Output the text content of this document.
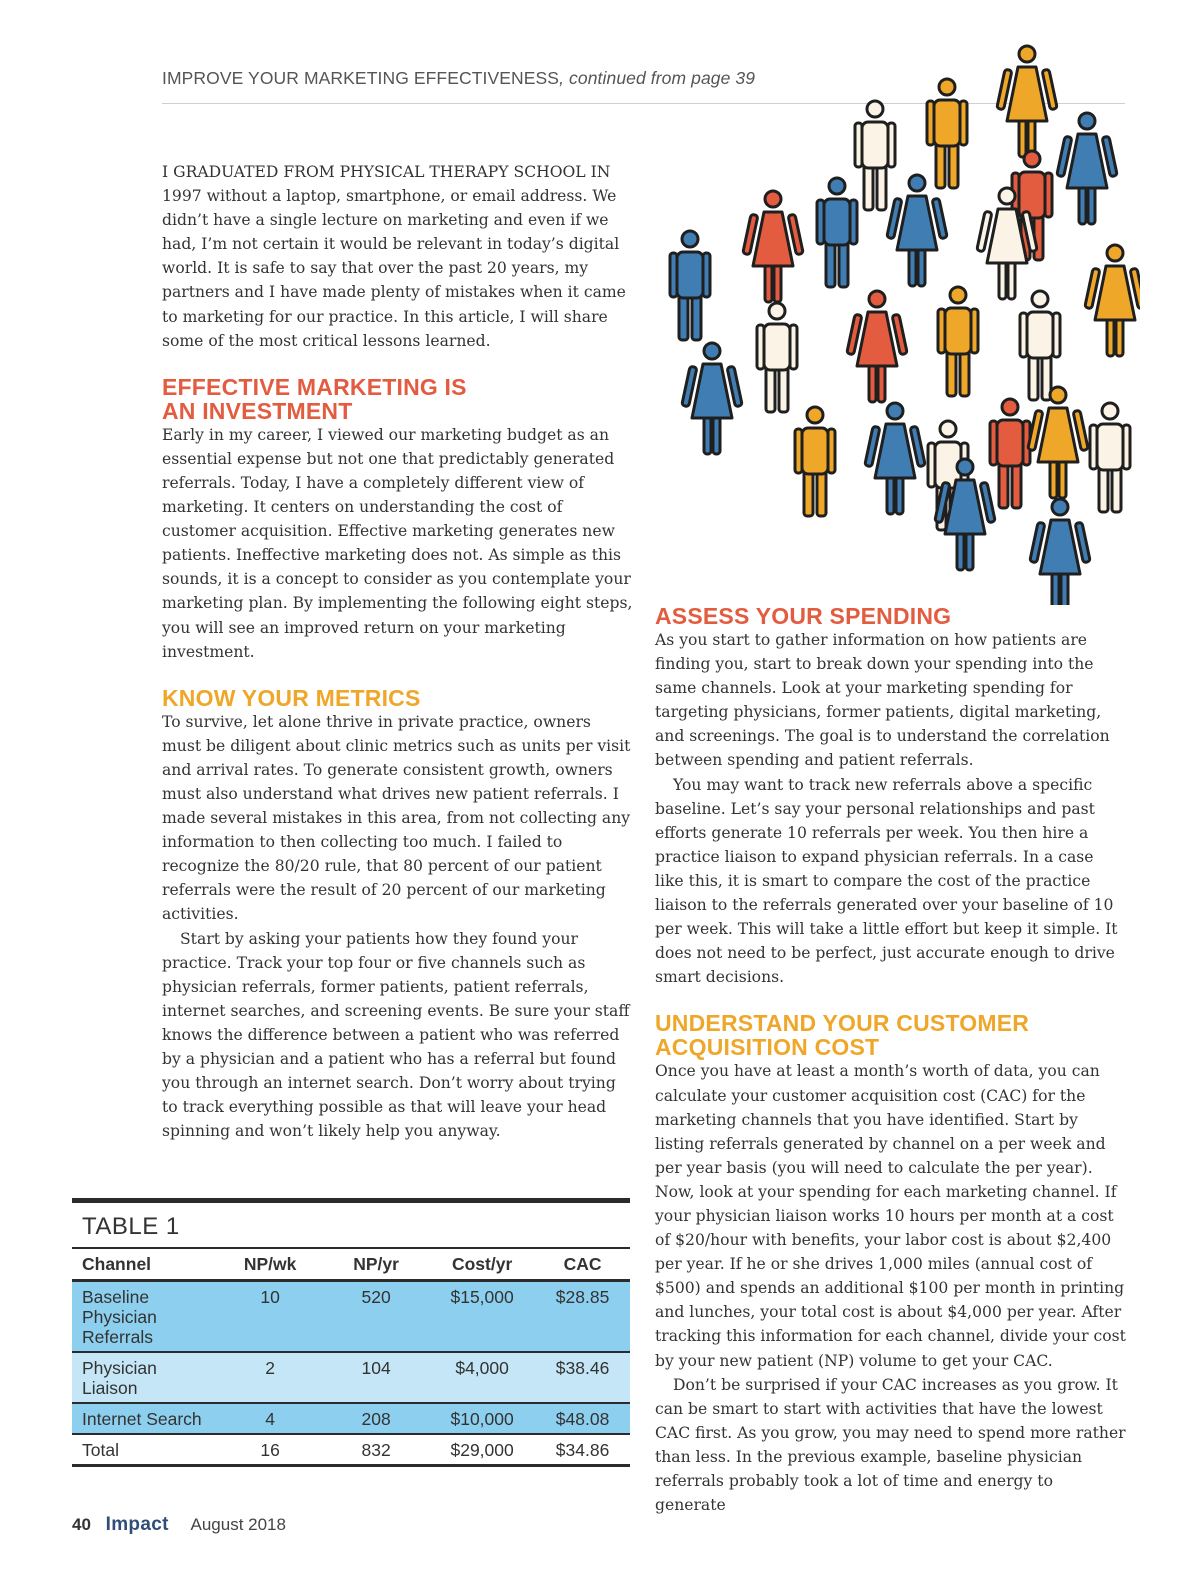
IMPROVE YOUR MARKETING EFFECTIVENESS, continued from page 39

I GRADUATED FROM PHYSICAL THERAPY SCHOOL IN 1997 without a laptop, smartphone, or email address. We didn’t have a single lecture on marketing and even if we had, I’m not certain it would be relevant in today’s digital world. It is safe to say that over the past 20 years, my partners and I have made plenty of mistakes when it came to marketing for our practice. In this article, I will share some of the most critical lessons learned.

EFFECTIVE MARKETING IS
AN INVESTMENT

Early in my career, I viewed our marketing budget as an essential expense but not one that predictably generated referrals. Today, I have a completely different view of marketing. It centers on understanding the cost of customer acquisition. Effective marketing generates new patients. Ineffective marketing does not. As simple as this sounds, it is a concept to consider as you contemplate your marketing plan. By implementing the following eight steps, you will see an improved return on your marketing investment.

KNOW YOUR METRICS

To survive, let alone thrive in private practice, owners must be diligent about clinic metrics such as units per visit and arrival rates. To generate consistent growth, owners must also understand what drives new patient referrals. I made several mistakes in this area, from not collecting any information to then collecting too much. I failed to recognize the 80/20 rule, that 80 percent of our patient referrals were the result of 20 percent of our marketing activities.

Start by asking your patients how they found your practice. Track your top four or five channels such as physician referrals, former patients, patient referrals, internet searches, and screening events. Be sure your staff knows the difference between a patient who was referred by a physician and a patient who has a referral but found you through an internet search. Don’t worry about trying to track everything possible as that will leave your head spinning and won’t likely help you anyway.

ASSESS YOUR SPENDING

As you start to gather information on how patients are finding you, start to break down your spending into the same channels. Look at your marketing spending for targeting physicians, former patients, digital marketing, and screenings. The goal is to understand the correlation between spending and patient referrals.

You may want to track new referrals above a specific baseline. Let’s say your personal relationships and past efforts generate 10 referrals per week. You then hire a practice liaison to expand physician referrals. In a case like this, it is smart to compare the cost of the practice liaison to the referrals generated over your baseline of 10 per week. This will take a little effort but keep it simple. It does not need to be perfect, just accurate enough to drive smart decisions.

UNDERSTAND YOUR CUSTOMER
ACQUISITION COST

Once you have at least a month’s worth of data, you can calculate your customer acquisition cost (CAC) for the marketing channels that you have identified. Start by listing referrals generated by channel on a per week and per year basis (you will need to calculate the per year). Now, look at your spending for each marketing channel. If your physician liaison works 10 hours per month at a cost of $20/hour with benefits, your labor cost is about $2,400 per year. If he or she drives 1,000 miles (annual cost of $500) and spends an additional $100 per month in printing and lunches, your total cost is about $4,000 per year. After tracking this information for each channel, divide your cost by your new patient (NP) volume to get your CAC.

Don’t be surprised if your CAC increases as you grow. It can be smart to start with activities that have the lowest CAC first. As you grow, you may need to spend more rather than less. In the previous example, baseline physician referrals probably took a lot of time and energy to generate

TABLE 1
Channel	NP/wk	NP/yr	Cost/yr	CAC
Baseline Physician Referrals	10	520	$15,000	$28.85
Physician Liaison	2	104	$4,000	$38.46
Internet Search	4	208	$10,000	$48.08
Total	16	832	$29,000	$34.86
40 Impact August 2018
